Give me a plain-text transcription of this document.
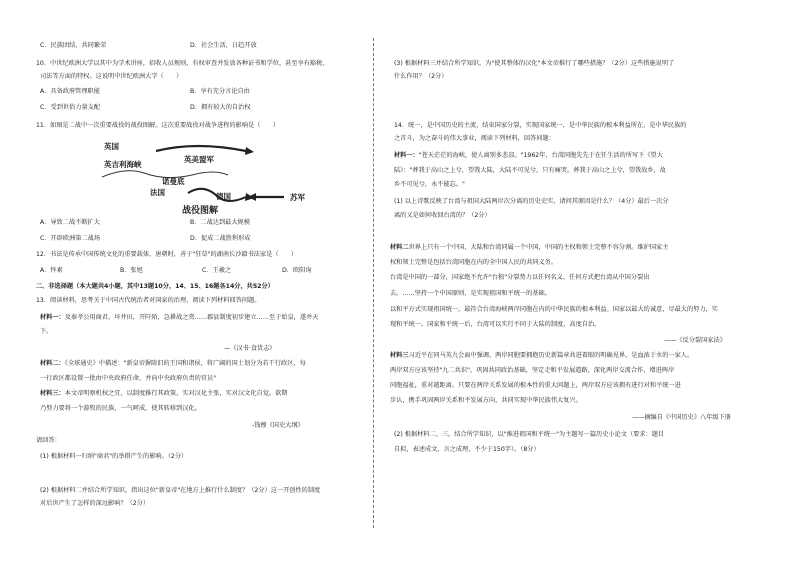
C．民族团结、共同繁荣	D．社会生活，日趋开放
10．中世纪欧洲大学以其中为学术讲座，招收人员规则，有权审查并发放各种证书和学位，甚至享有豁税、
司法等方面的特权。这说明中世纪欧洲大学（　　）
A．具备政府管理职能	B．享有充分言论自由
C．受到世俗力量支配	D．拥有较大的自治权
11．如图是二战中一次重要战役的战役图解。这次重要战役对战争进程的影响是（　　）
英国
英美盟军
英吉利海峡
诺曼底
法国	德国	苏军
战役图解
A．导致二战不断扩大	B．二战达到最大规模
C．开辟欧洲第二战场	D．促成二战胜利形成
12．书法是传承中国传统文化的重要载体，唐朝时，善于"狂草"的湖南长沙籍书法家是（　　）
A．怀素	B．张旭	C．王羲之	D．欧阳询
二、非选择题（本大题共4小题，其中13题10分，14、15、16题各14分，共52分）
13．阅读材料，思考关于中国古代统治者对国家的治理，阅读下列材料回答问题。
材料一：及秦孝公用商君，坏井田，开阡陌，急耕战之赏……郡县制度初步建立……至于始皇，遂并天
下。
—《汉书·食货志》
材料二：《全球通史》中描述："新皇帝摒除旧的王国和诸侯，将广阔的国土划分为若干行政区，每
一行政区都设置一批由中央政府任命，并向中央政府负责的官员"
材料三：本文帝明察机权之宜，以制度推行其政策，实对汉化主张，实对汉文化自觉。欲期
乃努力要将一个游牧的民族，一气呵成，使其转移到汉化。
-钱穆《国史大纲》
请回答：
(1) 根据材料一归纳"商君"的举措产生的影响。（2分）
(2) 根据材料二并结合所学知识，指出这位"新皇帝"在地方上推行什么制度？（2分）这一开创性的制度
对后世产生了怎样的深远影响？（2分）
(3) 根据材料三并结合所学知识，为"使其整体的汉化"本文帝推行了哪些措施？（2分）这些措施说明了
什么作用？（2分）
14．统一，是中国历史的主流，结束国家分裂，实现国家统一，是中华民族的根本利益所在，是中华民族的
之首斗，为之奋斗的伟大事业，阅读下列材料，回答问题：
材料一："苍天茫茫的海峡，使人离别多悲凉。"1962年，台湾同胞先先于在任生活的所写下《望大
陆》："葬我于高山之上兮，望我大陆，大陆不可见兮，只有痛哭。葬我于高山之上兮，望我故乡，故
乡不可见兮，永不能忘。"
(1) 以上诗歌反映了台湾与祖国大陆两岸次分离的历史史实，请问其原因是什么？（4分）最后一次分
离的又是如何收回台湾的？（2分）
材料二世界上只有一个中国，大陆和台湾同属一个中国，中国的主权和领土完整不容分割。维护国家主
权和领土完整是包括台湾同胞在内的全中国人民的共同义务。
台湾是中国的一部分，国家绝不允许"台独"分裂势力以任何名义、任何方式把台湾从中国分裂出
去。……坚持一个中国原则，是实现祖国和平统一的基础。
以和平方式实现祖国统一，最符合台湾海峡两岸同胞在内的中华民族的根本利益。国家以最大的诚意，尽最大的努力，实
现和平统一。国家和平统一后，台湾可以实行不同于大陆的制度，高度自治。
——《反分裂国家法》
材料三习近平在同马英九会面中强调，两岸同胞要拥抱历史新篇章共进着眼的明确见界，是血浓于水的一家人。
两岸双方应该坚持"九二共识"，巩固共同政治基础，坚定走和平发展道路，深化两岸交流合作，增进两岸
同胞福祉，重对越距离。只要在两岸关系发展的根本性的重大问题上，两岸双方应该拥有进行对和平统一进
步认，携手巩固两岸关系和平发展方向，共同实现中华民族伟大复兴。
——摘编自《中国历史》八年级下册
(2) 根据材料二、三，结合所学知识，以"推进祖国和平统一"为主题写一篇历史小论文（要求：题目
自拟，表述成文，言之成理，不少于150字）。（8分）
